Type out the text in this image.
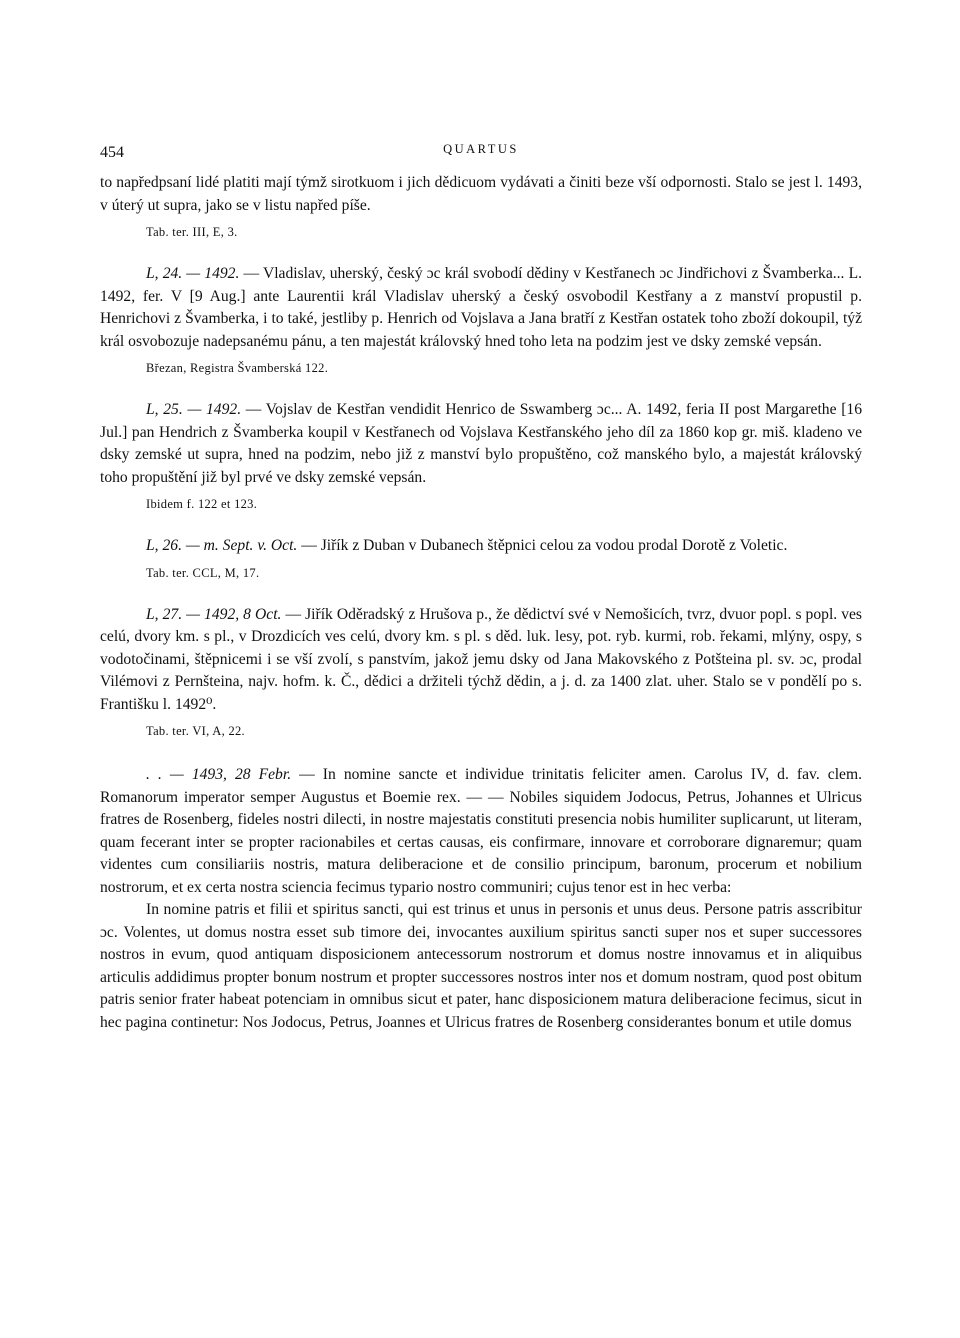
454	QUARTUS

to napředpsaní lidé platiti mají týmž sirotkuom i jich dědicuom vydávati a činiti beze vší odpornosti. Stalo se jest l. 1493, v úterý ut supra, jako se v listu napřed píše.

Tab. ter. III, E, 3.

L, 24. — 1492. — Vladislav, uherský, český ɔc král svobodí dědiny v Kestřanech ɔc Jindřichovi z Švamberka... L. 1492, fer. V [9 Aug.] ante Laurentii král Vladislav uherský a český osvobodil Kestřany a z manství propustil p. Henrichovi z Švamberka, i to také, jestliby p. Henrich od Vojslava a Jana bratří z Kestřan ostatek toho zboží dokoupil, týž král osvobozuje nadepsanému pánu, a ten majestát královský hned toho leta na podzim jest ve dsky zemské vepsán.

Březan, Registra Švamberská 122.

L, 25. — 1492. — Vojslav de Kestřan vendidit Henrico de Sswamberg ɔc... A. 1492, feria II post Margarethe [16 Jul.] pan Hendrich z Švamberka koupil v Kestřanech od Vojslava Kestřanského jeho díl za 1860 kop gr. miš. kladeno ve dsky zemské ut supra, hned na podzim, nebo již z manství bylo propuštěno, což manského bylo, a majestát královský toho propuštění již byl prvé ve dsky zemské vepsán.

Ibidem f. 122 et 123.

L, 26. — m. Sept. v. Oct. — Jiřík z Duban v Dubanech štěpnici celou za vodou prodal Dorotě z Voletic.

Tab. ter. CCL, M, 17.

L, 27. — 1492, 8 Oct. — Jiřík Oděradský z Hrušova p., že dědictví své v Nemošicích, tvrz, dvuor popl. s popl. ves celú, dvory km. s pl., v Drozdicích ves celú, dvory km. s pl. s děd. luk. lesy, pot. ryb. kurmi, rob. řekami, mlýny, ospy, s vodotočinami, štěpnicemi i se vší zvolí, s panstvím, jakož jemu dsky od Jana Makovského z Potšteina pl. sv. ɔc, prodal Vilémovi z Pernšteina, najv. hofm. k. Č., dědici a držiteli týchž dědin, a j. d. za 1400 zlat. uher. Stalo se v pondělí po s. Františku l. 1492⁰.

Tab. ter. VI, A, 22.

. . — 1493, 28 Febr. — In nomine sancte et individue trinitatis feliciter amen. Carolus IV, d. fav. clem. Romanorum imperator semper Augustus et Boemie rex. — — Nobiles siquidem Jodocus, Petrus, Johannes et Ulricus fratres de Rosenberg, fideles nostri dilecti, in nostre majestatis constituti presencia nobis humiliter suplicarunt, ut literam, quam fecerant inter se propter racionabiles et certas causas, eis confirmare, innovare et corroborare dignaremur; quam videntes cum consiliariis nostris, matura deliberacione et de consilio principum, baronum, procerum et nobilium nostrorum, et ex certa nostra sciencia fecimus typario nostro communiri; cujus tenor est in hec verba:

In nomine patris et filii et spiritus sancti, qui est trinus et unus in personis et unus deus. Persone patris asscribitur ɔc. Volentes, ut domus nostra esset sub timore dei, invocantes auxilium spiritus sancti super nos et super successores nostros in evum, quod antiquam disposicionem antecessorum nostrorum et domus nostre innovamus et in aliquibus articulis addidimus propter bonum nostrum et propter successores nostros inter nos et domum nostram, quod post obitum patris senior frater habeat potenciam in omnibus sicut et pater, hanc disposicionem matura deliberacione fecimus, sicut in hec pagina continetur: Nos Jodocus, Petrus, Joannes et Ulricus fratres de Rosenberg considerantes bonum et utile domus
